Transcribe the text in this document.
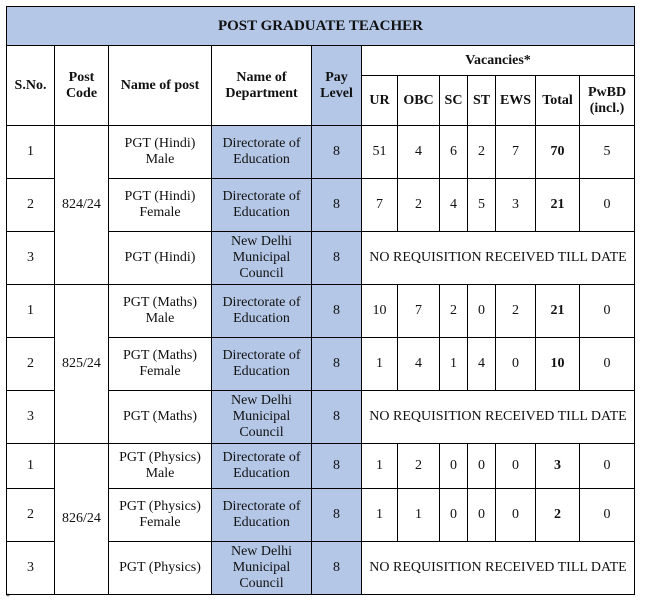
POST GRADUATE TEACHER											
S.No.	Post Code	Name of post	Name of Department	Pay Level	Vacancies*						
					UR	OBC	SC	ST	EWS	Total	PwBD (incl.)
1	824/24	PGT (Hindi) Male	Directorate of Education	8	51	4	6	2	7	70	5
2		PGT (Hindi) Female	Directorate of Education	8	7	2	4	5	3	21	0
3		PGT (Hindi)	New Delhi Municipal Council	8	NO REQUISITION RECEIVED TILL DATE						
1	825/24	PGT (Maths) Male	Directorate of Education	8	10	7	2	0	2	21	0
2		PGT (Maths) Female	Directorate of Education	8	1	4	1	4	0	10	0
3		PGT (Maths)	New Delhi Municipal Council	8	NO REQUISITION RECEIVED TILL DATE						
1	826/24	PGT (Physics) Male	Directorate of Education	8	1	2	0	0	0	3	0
2		PGT (Physics) Female	Directorate of Education	8	1	1	0	0	0	2	0
3		PGT (Physics)	New Delhi Municipal Council	8	NO REQUISITION RECEIVED TILL DATE						
*
